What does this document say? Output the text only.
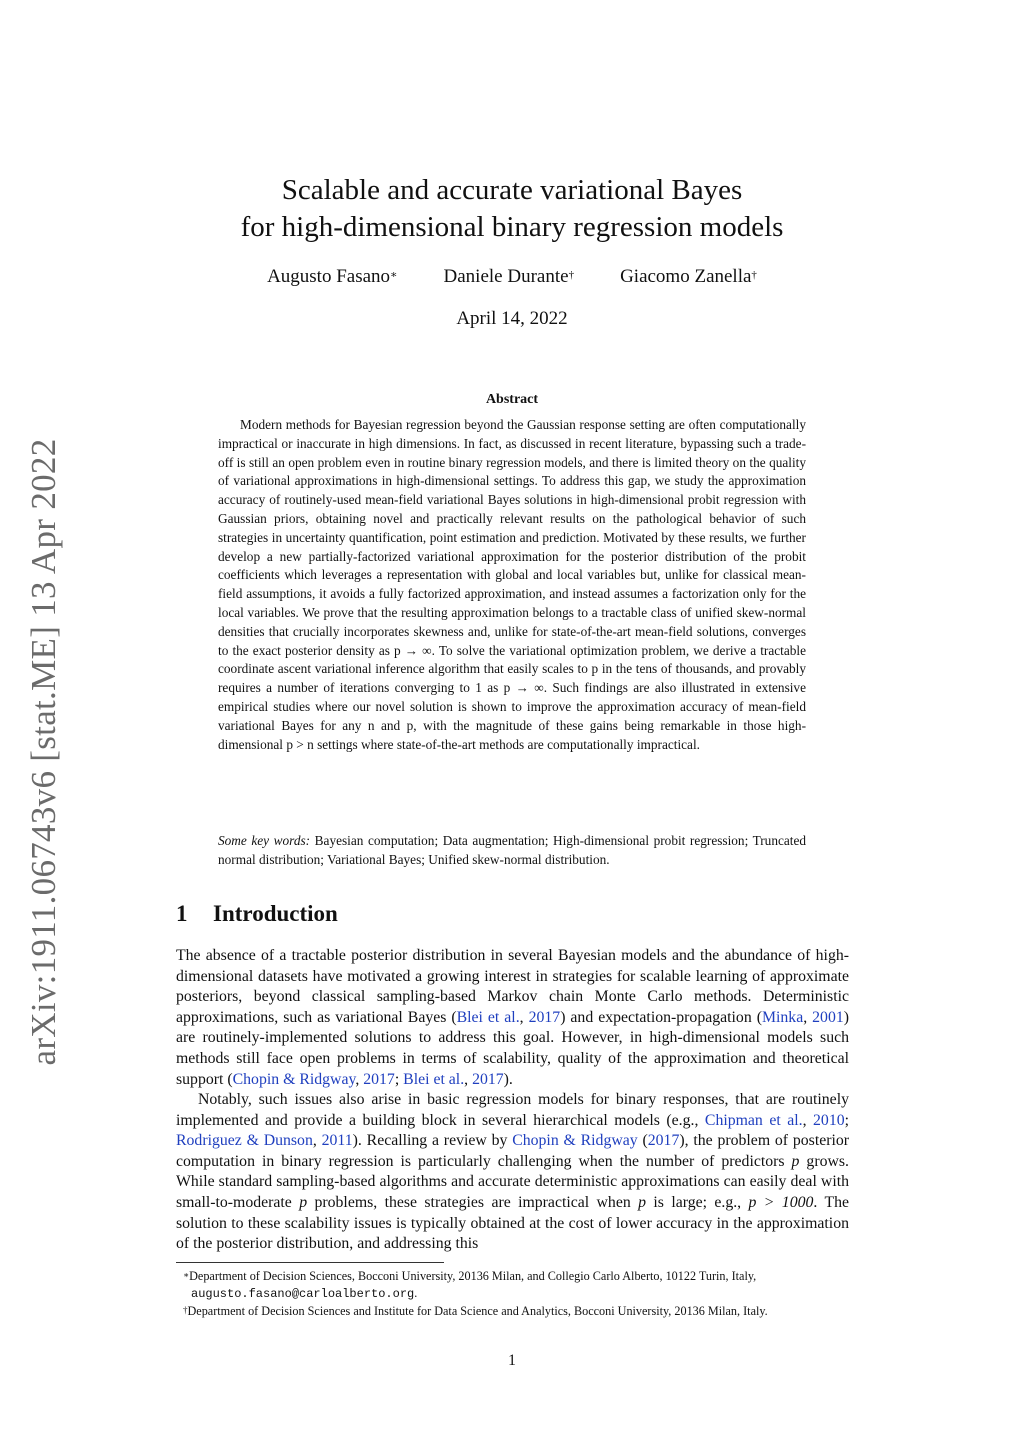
arXiv:1911.06743v6 [stat.ME] 13 Apr 2022
Scalable and accurate variational Bayes
for high-dimensional binary regression models
Augusto Fasano∗ Daniele Durante† Giacomo Zanella†
April 14, 2022
Abstract

Modern methods for Bayesian regression beyond the Gaussian response setting are often computationally impractical or inaccurate in high dimensions. In fact, as discussed in recent literature, bypassing such a trade-off is still an open problem even in routine binary regression models, and there is limited theory on the quality of variational approximations in high-dimensional settings. To address this gap, we study the approximation accuracy of routinely-used mean-field variational Bayes solutions in high-dimensional probit regression with Gaussian priors, obtaining novel and practically relevant results on the pathological behavior of such strategies in uncertainty quantification, point estimation and prediction. Motivated by these results, we further develop a new partially-factorized variational approximation for the posterior distribution of the probit coefficients which leverages a representation with global and local variables but, unlike for classical mean-field assumptions, it avoids a fully factorized approximation, and instead assumes a factorization only for the local variables. We prove that the resulting approximation belongs to a tractable class of unified skew-normal densities that crucially incorporates skewness and, unlike for state-of-the-art mean-field solutions, converges to the exact posterior density as p → ∞. To solve the variational optimization problem, we derive a tractable coordinate ascent variational inference algorithm that easily scales to p in the tens of thousands, and provably requires a number of iterations converging to 1 as p → ∞. Such findings are also illustrated in extensive empirical studies where our novel solution is shown to improve the approximation accuracy of mean-field variational Bayes for any n and p, with the magnitude of these gains being remarkable in those high-dimensional p > n settings where state-of-the-art methods are computationally impractical.

Some key words: Bayesian computation; Data augmentation; High-dimensional probit regression; Truncated normal distribution; Variational Bayes; Unified skew-normal distribution.

1 Introduction

The absence of a tractable posterior distribution in several Bayesian models and the abundance of high-dimensional datasets have motivated a growing interest in strategies for scalable learning of approximate posteriors, beyond classical sampling-based Markov chain Monte Carlo methods. Deterministic approximations, such as variational Bayes (Blei et al., 2017) and expectation-propagation (Minka, 2001) are routinely-implemented solutions to address this goal. However, in high-dimensional models such methods still face open problems in terms of scalability, quality of the approximation and theoretical support (Chopin & Ridgway, 2017; Blei et al., 2017).

Notably, such issues also arise in basic regression models for binary responses, that are routinely implemented and provide a building block in several hierarchical models (e.g., Chipman et al., 2010; Rodriguez & Dunson, 2011). Recalling a review by Chopin & Ridgway (2017), the problem of posterior computation in binary regression is particularly challenging when the number of predictors p grows. While standard sampling-based algorithms and accurate deterministic approximations can easily deal with small-to-moderate p problems, these strategies are impractical when p is large; e.g., p > 1000. The solution to these scalability issues is typically obtained at the cost of lower accuracy in the approximation of the posterior distribution, and addressing this

∗Department of Decision Sciences, Bocconi University, 20136 Milan, and Collegio Carlo Alberto, 10122 Turin, Italy,
augusto.fasano@carloalberto.org.

†Department of Decision Sciences and Institute for Data Science and Analytics, Bocconi University, 20136 Milan, Italy.

1
